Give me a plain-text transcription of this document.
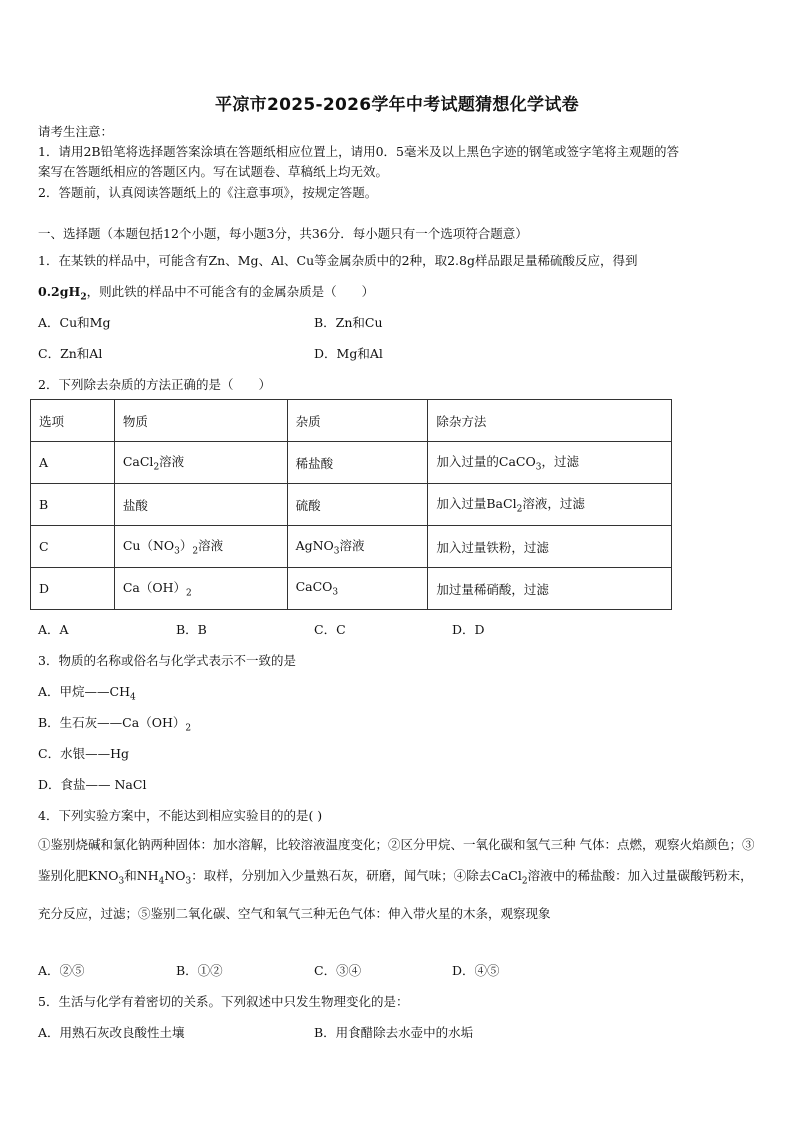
平凉市2025-2026学年中考试题猜想化学试卷
请考生注意：
1．请用2B铅笔将选择题答案涂填在答题纸相应位置上，请用0．5毫米及以上黑色字迹的钢笔或签字笔将主观题的答
案写在答题纸相应的答题区内。写在试题卷、草稿纸上均无效。
2．答题前，认真阅读答题纸上的《注意事项》，按规定答题。
一、选择题（本题包括12个小题，每小题3分，共36分．每小题只有一个选项符合题意）
1．在某铁的样品中，可能含有Zn、Mg、Al、Cu等金属杂质中的2种，取2.8g样品跟足量稀硫酸反应，得到
$0.2gH_2$，则此铁的样品中不可能含有的金属杂质是（　　）
A．Cu和Mg	B．Zn和Cu
C．Zn和Al	D．Mg和Al
2．下列除去杂质的方法正确的是（　　）
选项	物质	杂质	除杂方法
A	CaCl$_2$溶液	稀盐酸	加入过量的CaCO$_3$，过滤
B	盐酸	硫酸	加入过量BaCl$_2$溶液，过滤
C	$Cu(NO_3)_2$溶液	AgNO$_3$溶液	加入过量铁粉，过滤
D	$Ca(OH)_2$	CaCO$_3$	加过量稀硝酸，过滤
A．A	B．B	C．C	D．D
3．物质的名称或俗名与化学式表示不一致的是
A．甲烷$——CH_4$
B．生石灰$——Ca(OH)_2$
C．水银——Hg
D．食盐—— NaCl
4．下列实验方案中，不能达到相应实验目的的是( )
①鉴别烧碱和氯化钠两种固体：加水溶解，比较溶液温度变化；②区分甲烷、一氧化碳和氢气三种 气体：点燃，观察火焰颜色；③鉴别化肥$KNO_3$和$NH_4NO_3$：取样，分别加入少量熟石灰，研磨，闻气味；④除去CaCl$_2$溶液中的稀盐酸：加入过量碳酸钙粉末，充分反应，过滤；⑤鉴别二氧化碳、空气和氧气三种无色气体：伸入带火星的木条，观察现象
A．②⑤	B．①②	C．③④	D．④⑤
5．生活与化学有着密切的关系。下列叙述中只发生物理变化的是：
A．用熟石灰改良酸性土壤	B．用食醋除去水壶中的水垢
